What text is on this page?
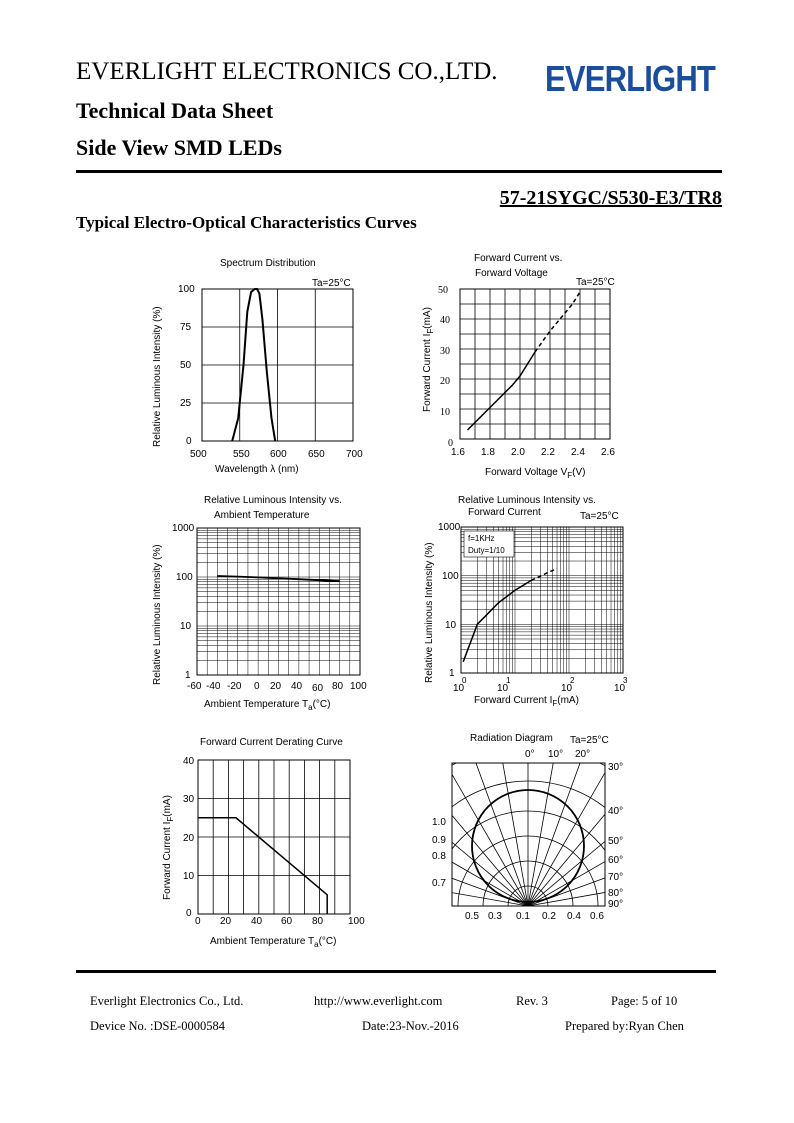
EVERLIGHT ELECTRONICS CO.,LTD. EVERLIGHT
Technical Data Sheet
Side View SMD LEDs
57-21SYGC/S530-E3/TR8
Typical Electro-Optical Characteristics Curves
Spectrum Distribution
Ta=25°C
100
75
50
25
0
500	550 600 650 700
Wavelength λ (nm)
Relative Luminous Intensity (%)
Forward Current vs.
Forward Voltage
Ta=25°C
50
40
30
20
10
0
1.6 1.8 2.0 2.2 2.4 2.6
Forward Voltage $V_F(V)$
Forward Current $I_F(mA)$
Relative Luminous Intensity vs.
Ambient Temperature
1000
100
10
1
-60 -40 -20 0 20 40 60 80 100
Ambient Temperature $T_a(^\circ C)$
Relative Luminous Intensity (%)
Relative Luminous Intensity vs.
Forward Current	Ta=25°C
f=1KHz
Duty=1/10
1000
100
10
1
100
101
102
103
Forward Current $I_F(mA)$
Relative Luminous Intensity (%)
Forward Current Derating Curve
40
30
20
10
0
0 20 40 60 80 100
Ambient Temperature $T_a(^\circ C)$
Forward Current $I_F(mA)$
Radiation Diagram Ta=25°C
0° 10° 20°
30°
40°
50°
60°
70°
80°
90°
1.0
0.9
0.8
0.7
0.5 0.3 0.1 0.2 0.4 0.6
Everlight Electronics Co., Ltd.	http://www.everlight.com	Rev. 3	Page: 5 of 10
Device No. :DSE-0000584	Date:23-Nov.-2016	Prepared by:Ryan Chen
